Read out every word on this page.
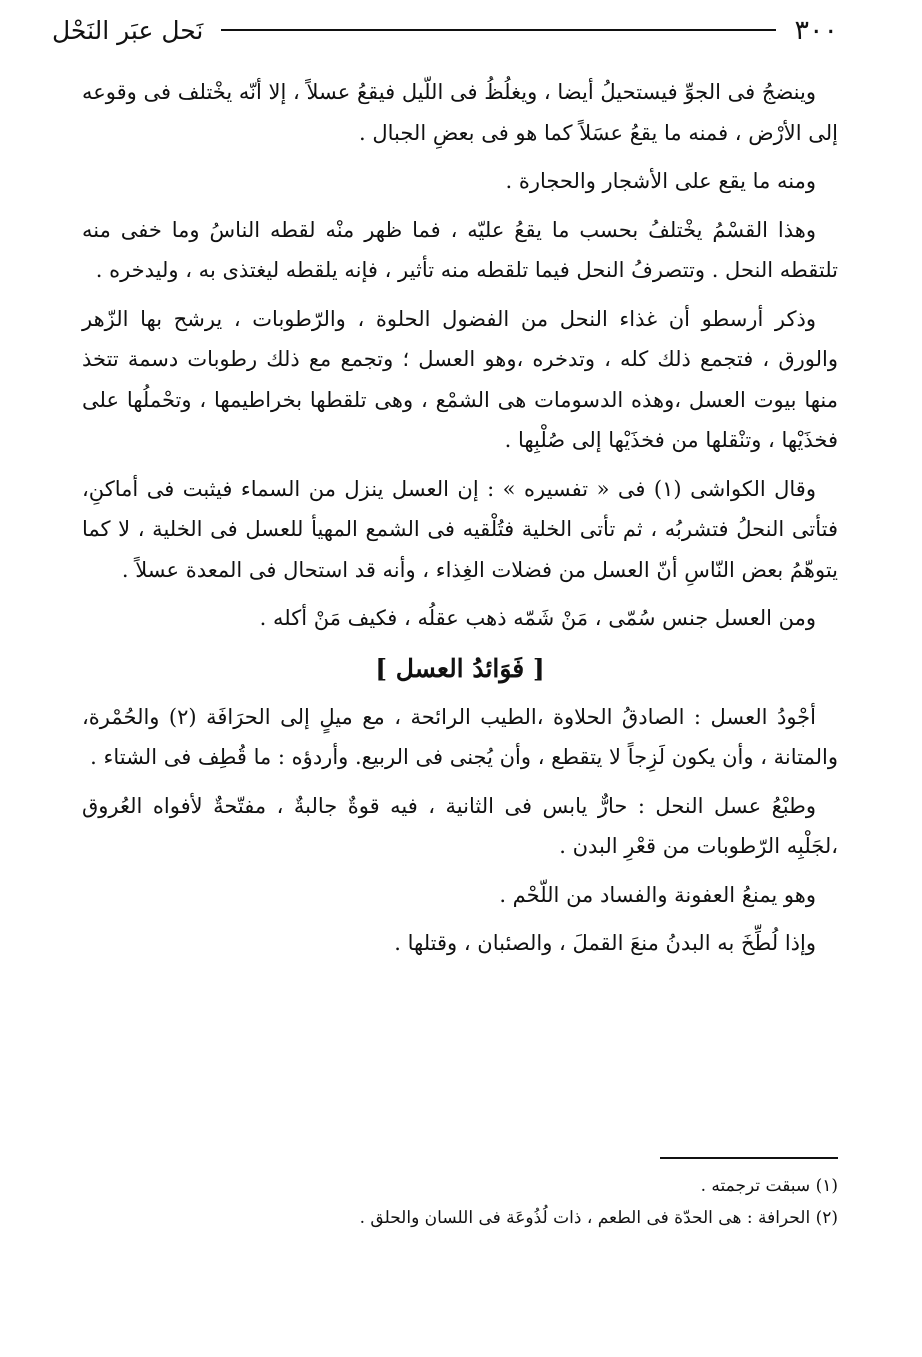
٣٠٠
نَحل عبَر النَحْل

وينضجُ فى الجوِّ فيستحيلُ أيضا ، ويغلُظُ فى اللّيل فيقعُ عسلاً ، إلا أنّه يخْتلف فى وقوعه إلى الأرْض ، فمنه ما يقعُ عسَلاً كما هو فى بعضِ الجبال .

ومنه ما يقع على الأشجار والحجارة .

وهذا القسْمُ يخْتلفُ بحسب ما يقعُ عليّه ، فما ظهر منْه لقطه الناسُ وما خفى منه تلتقطه النحل . وتتصرفُ النحل فيما تلقطه منه تأثير ، فإنه يلقطه ليغتذى به ، وليدخره .

وذكر أرسطو أن غذاء النحل من الفضول الحلوة ، والرّطوبات ، يرشح بها الزّهر والورق ، فتجمع ذلك كله ، وتدخره ،وهو العسل ؛ وتجمع مع ذلك رطوبات دسمة تتخذ منها بيوت العسل ،وهذه الدسومات هى الشمْع ، وهى تلقطها بخراطيمها ، وتحْملُها على فخذَيْها ، وتنْقلها من فخذَيْها إلى صُلْبِها .

وقال الكواشى (١) فى « تفسيره » : إن العسل ينزل من السماء فيثبت فى أماكنِ، فتأتى النحلُ فتشربُه ، ثم تأتى الخلية فتُلْقيه فى الشمع المهيأ للعسل فى الخلية ، لا كما يتوهّمُ بعض النّاسِ أنّ العسل من فضلات الغِذاء ، وأنه قد استحال فى المعدة عسلاً .

ومن العسل جنس سُمّى ، مَنْ شَمّه ذهب عقلُه ، فكيف مَنْ أكله .

[ فَوَائدُ العسل ]

أجْودُ العسل : الصادقُ الحلاوة ،الطيب الرائحة ، مع ميلٍ إلى الحرَافَة (٢) والحُمْرة، والمتانة ، وأن يكون لَزِجاً لا يتقطع ، وأن يُجنى فى الربيع. وأردؤه : ما قُطِف فى الشتاء .

وطبْعُ عسل النحل : حارٌّ يابس فى الثانية ، فيه قوةٌ جالبةٌ ، مفتّحةٌ لأفواه العُروق ،لجَلْبِه الرّطوبات من قعْرِ البدن .

وهو يمنعُ العفونة والفساد من اللّحْم .

وإذا لُطِّخَ به البدنُ منعَ القملَ ، والصئبان ، وقتلها .

(١) سبقت ترجمته .
(٢) الحرافة : هى الحدّة فى الطعم ، ذات لُذُوعَة فى اللسان والحلق .
